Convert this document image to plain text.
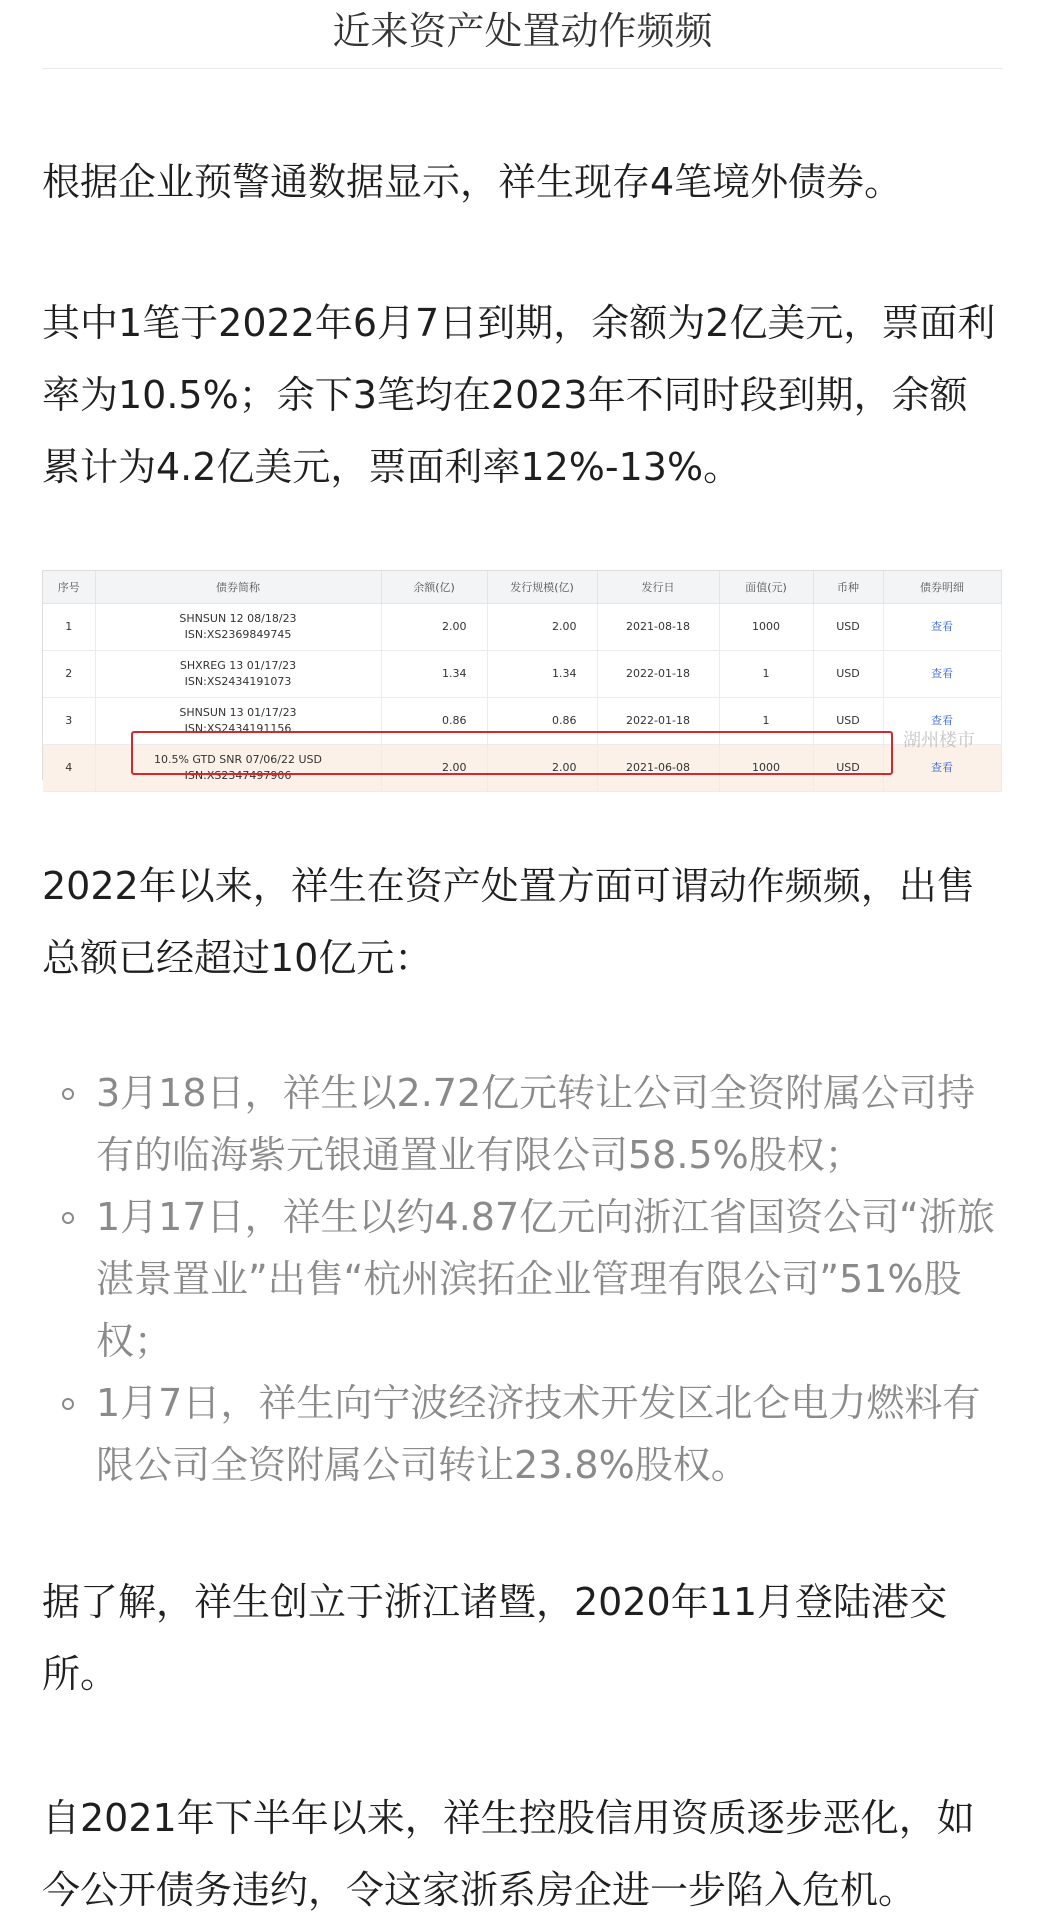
近来资产处置动作频频

根据企业预警通数据显示，祥生现存4笔境外债券。

其中1笔于2022年6月7日到期，余额为2亿美元，票面利率为10.5%；余下3笔均在2023年不同时段到期，余额累计为4.2亿美元，票面利率12%-13%。

序号	债券简称	余额(亿)	发行规模(亿)	发行日	面值(元)	币种	债券明细
1	SHNSUN 12 08/18/23
ISN:XS2369849745	2.00	2.00	2021-08-18	1000	USD	查看
2	SHXREG 13 01/17/23
ISN:XS2434191073	1.34	1.34	2022-01-18	1	USD	查看
3	SHNSUN 13 01/17/23
ISN:XS2434191156	0.86	0.86	2022-01-18	1	USD	查看
4	10.5% GTD SNR 07/06/22 USD
ISN:XS2347497906	2.00	2.00	2021-06-08	1000	USD	查看
湖州楼市

2022年以来，祥生在资产处置方面可谓动作频频，出售总额已经超过10亿元：

3月18日，祥生以2.72亿元转让公司全资附属公司持有的临海紫元银通置业有限公司58.5%股权；
1月17日，祥生以约4.87亿元向浙江省国资公司“浙旅湛景置业”出售“杭州滨拓企业管理有限公司”51%股权；
1月7日，祥生向宁波经济技术开发区北仑电力燃料有限公司全资附属公司转让23.8%股权。

据了解，祥生创立于浙江诸暨，2020年11月登陆港交所。

自2021年下半年以来，祥生控股信用资质逐步恶化，如今公开债务违约，令这家浙系房企进一步陷入危机。
